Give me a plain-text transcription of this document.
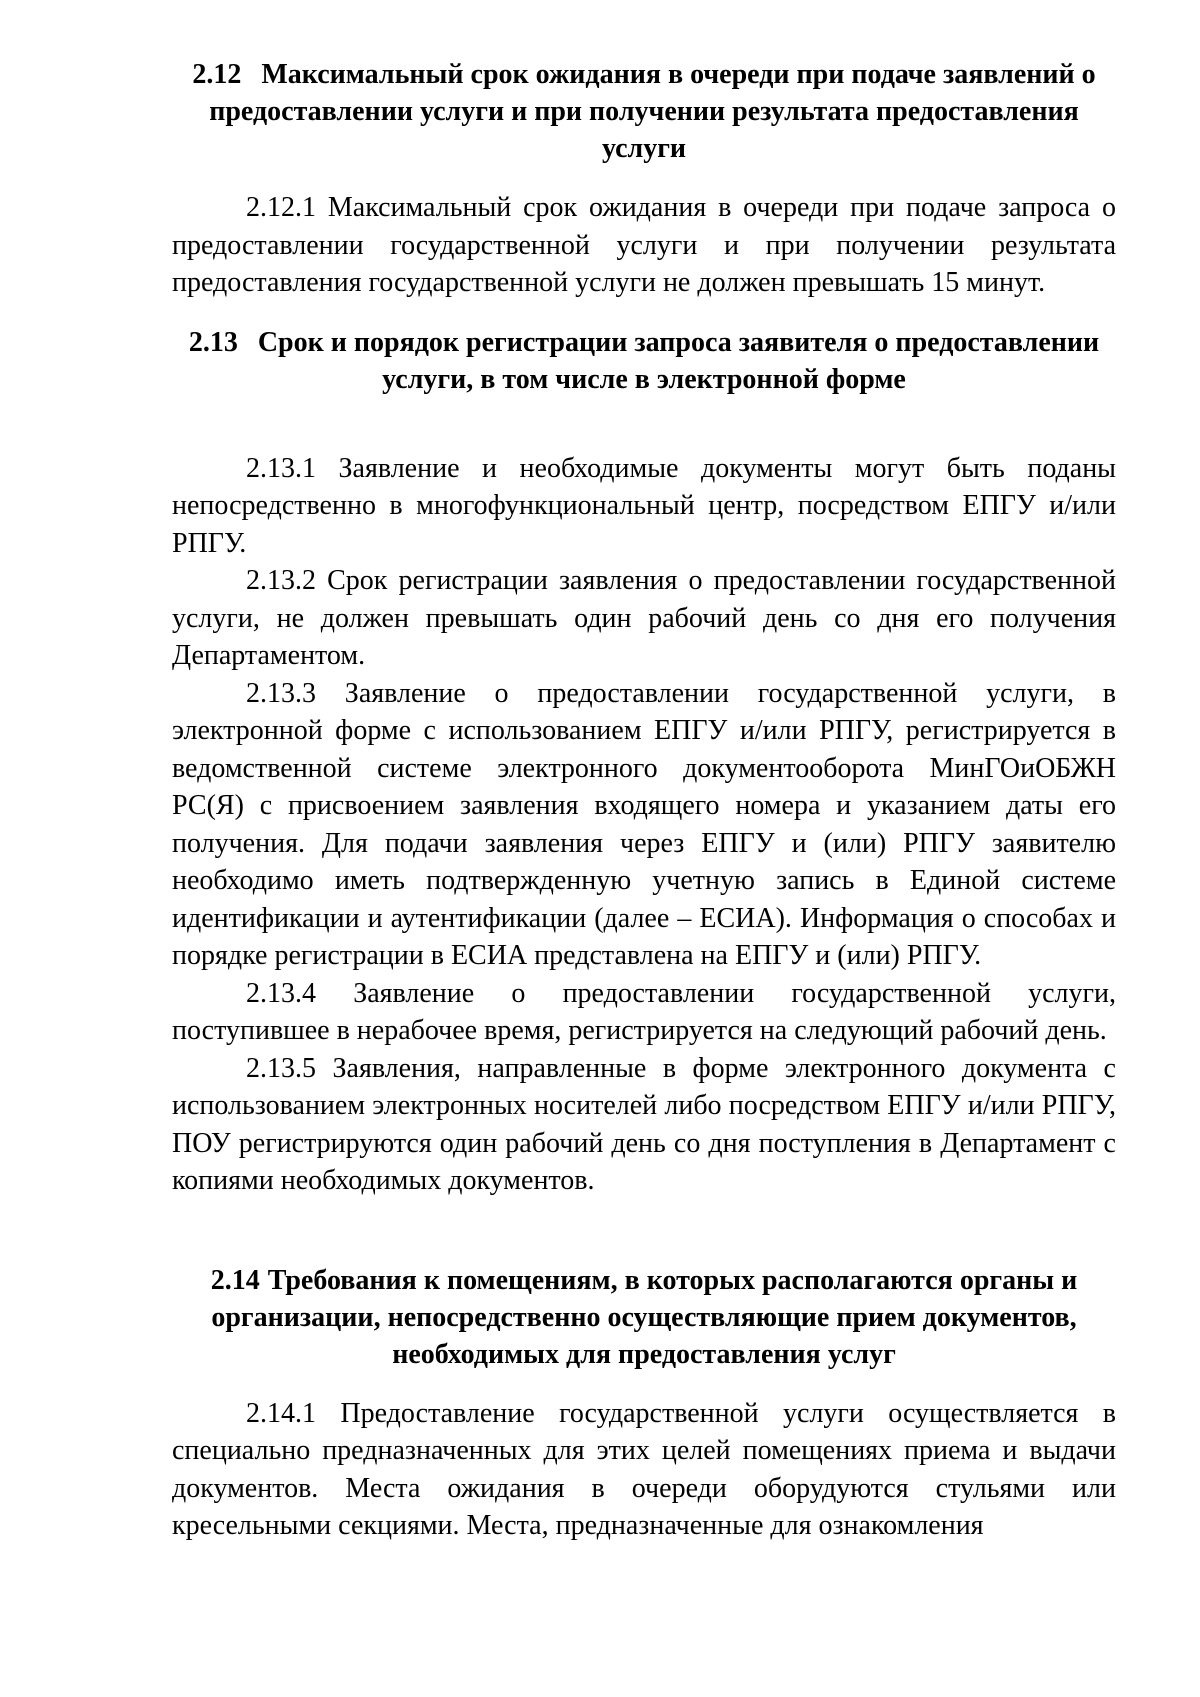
2.12 Максимальный срок ожидания в очереди при подаче заявлений о предоставлении услуги и при получении результата предоставления услуги

2.12.1 Максимальный срок ожидания в очереди при подаче запроса о предоставлении государственной услуги и при получении результата предоставления государственной услуги не должен превышать 15 минут.

2.13 Срок и порядок регистрации запроса заявителя о предоставлении услуги, в том числе в электронной форме

2.13.1 Заявление и необходимые документы могут быть поданы непосредственно в многофункциональный центр, посредством ЕПГУ и/или РПГУ.

2.13.2 Срок регистрации заявления о предоставлении государственной услуги, не должен превышать один рабочий день со дня его получения Департаментом.

2.13.3 Заявление о предоставлении государственной услуги, в электронной форме с использованием ЕПГУ и/или РПГУ, регистрируется в ведомственной системе электронного документооборота МинГОиОБЖН РС(Я) с присвоением заявления входящего номера и указанием даты его получения. Для подачи заявления через ЕПГУ и (или) РПГУ заявителю необходимо иметь подтвержденную учетную запись в Единой системе идентификации и аутентификации (далее – ЕСИА). Информация о способах и порядке регистрации в ЕСИА представлена на ЕПГУ и (или) РПГУ.

2.13.4 Заявление о предоставлении государственной услуги, поступившее в нерабочее время, регистрируется на следующий рабочий день.

2.13.5 Заявления, направленные в форме электронного документа с использованием электронных носителей либо посредством ЕПГУ и/или РПГУ, ПОУ регистрируются один рабочий день со дня поступления в Департамент с копиями необходимых документов.

2.14 Требования к помещениям, в которых располагаются органы и организации, непосредственно осуществляющие прием документов, необходимых для предоставления услуг

2.14.1 Предоставление государственной услуги осуществляется в специально предназначенных для этих целей помещениях приема и выдачи документов. Места ожидания в очереди оборудуются стульями или кресельными секциями. Места, предназначенные для ознакомления
